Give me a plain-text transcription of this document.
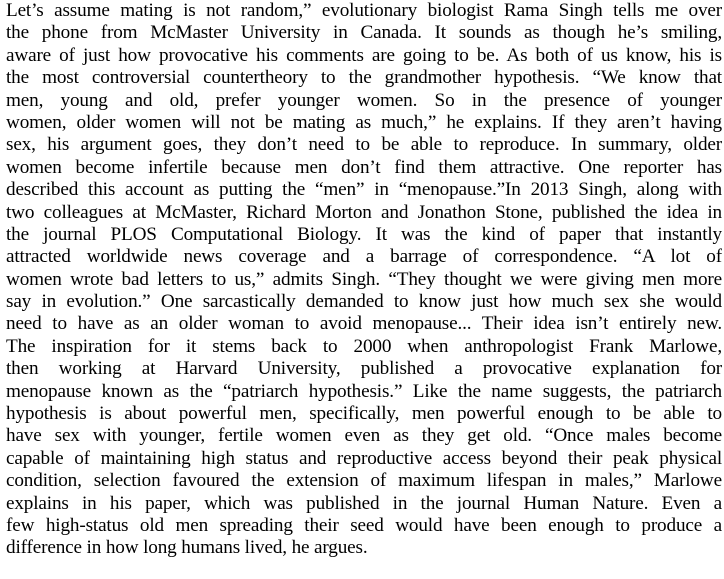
Let’s assume mating is not random,” evolutionary biologist Rama Singh tells me over
the phone from McMaster University in Canada. It sounds as though he’s smiling,
aware of just how provocative his comments are going to be. As both of us know, his is
the most controversial countertheory to the grandmother hypothesis. “We know that
men, young and old, prefer younger women. So in the presence of younger
women, older women will not be mating as much,” he explains. If they aren’t having
sex, his argument goes, they don’t need to be able to reproduce. In summary, older
women become infertile because men don’t find them attractive. One reporter has
described this account as putting the “men” in “menopause.”In 2013 Singh, along with
two colleagues at McMaster, Richard Morton and Jonathon Stone, published the idea in
the journal PLOS Computational Biology. It was the kind of paper that instantly
attracted worldwide news coverage and a barrage of correspondence. “A lot of
women wrote bad letters to us,” admits Singh. “They thought we were giving men more
say in evolution.” One sarcastically demanded to know just how much sex she would
need to have as an older woman to avoid menopause... Their idea isn’t entirely new.
The inspiration for it stems back to 2000 when anthropologist Frank Marlowe,
then working at Harvard University, published a provocative explanation for
menopause known as the “patriarch hypothesis.” Like the name suggests, the patriarch
hypothesis is about powerful men, specifically, men powerful enough to be able to
have sex with younger, fertile women even as they get old. “Once males become
capable of maintaining high status and reproductive access beyond their peak physical
condition, selection favoured the extension of maximum lifespan in males,” Marlowe
explains in his paper, which was published in the journal Human Nature. Even a
few high-status old men spreading their seed would have been enough to produce a
difference in how long humans lived, he argues.
